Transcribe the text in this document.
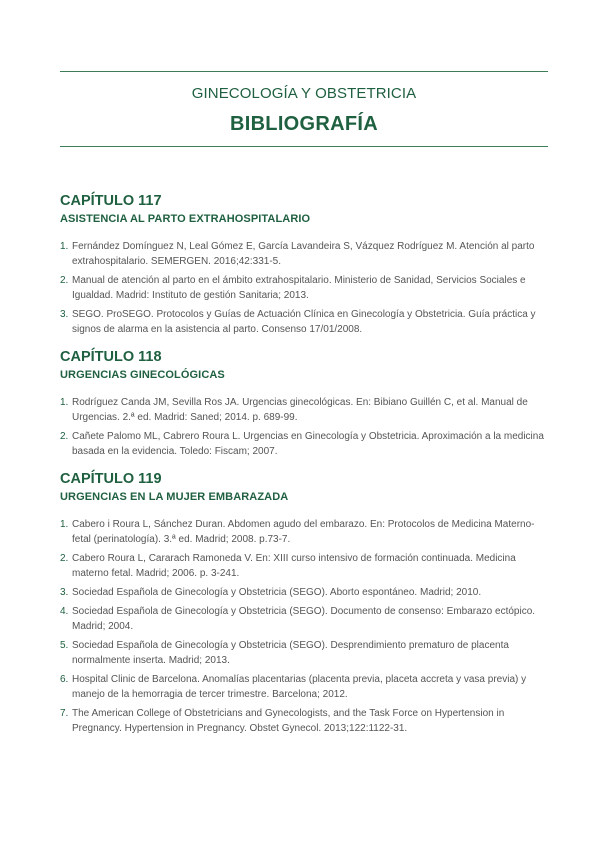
GINECOLOGÍA Y OBSTETRICIA
BIBLIOGRAFÍA
CAPÍTULO 117
ASISTENCIA AL PARTO EXTRAHOSPITALARIO
1. Fernández Domínguez N, Leal Gómez E, García Lavandeira S, Vázquez Rodríguez M. Atención al parto extrahospitalario. SEMERGEN. 2016;42:331-5.
2. Manual de atención al parto en el ámbito extrahospitalario. Ministerio de Sanidad, Servicios Sociales e Igualdad. Madrid: Instituto de gestión Sanitaria; 2013.
3. SEGO. ProSEGO. Protocolos y Guías de Actuación Clínica en Ginecología y Obstetricia. Guía práctica y signos de alarma en la asistencia al parto. Consenso 17/01/2008.
CAPÍTULO 118
URGENCIAS GINECOLÓGICAS
1. Rodríguez Canda JM, Sevilla Ros JA. Urgencias ginecológicas. En: Bibiano Guillén C, et al. Manual de Urgencias. 2.ª ed. Madrid: Saned; 2014. p. 689-99.
2. Cañete Palomo ML, Cabrero Roura L. Urgencias en Ginecología y Obstetricia. Aproximación a la medicina basada en la evidencia. Toledo: Fiscam; 2007.
CAPÍTULO 119
URGENCIAS EN LA MUJER EMBARAZADA
1. Cabero i Roura L, Sánchez Duran. Abdomen agudo del embarazo. En: Protocolos de Medicina Materno-fetal (perinatología). 3.ª ed. Madrid; 2008. p.73-7.
2. Cabero Roura L, Cararach Ramoneda V. En: XIII curso intensivo de formación continuada. Medicina materno fetal. Madrid; 2006. p. 3-241.
3. Sociedad Española de Ginecología y Obstetricia (SEGO). Aborto espontáneo. Madrid; 2010.
4. Sociedad Española de Ginecología y Obstetricia (SEGO). Documento de consenso: Embarazo ectópico. Madrid; 2004.
5. Sociedad Española de Ginecología y Obstetricia (SEGO). Desprendimiento prematuro de placenta normalmente inserta. Madrid; 2013.
6. Hospital Clinic de Barcelona. Anomalías placentarias (placenta previa, placeta accreta y vasa previa) y manejo de la hemorragia de tercer trimestre. Barcelona; 2012.
7. The American College of Obstetricians and Gynecologists, and the Task Force on Hypertension in Pregnancy. Hypertension in Pregnancy. Obstet Gynecol. 2013;122:1122-31.
